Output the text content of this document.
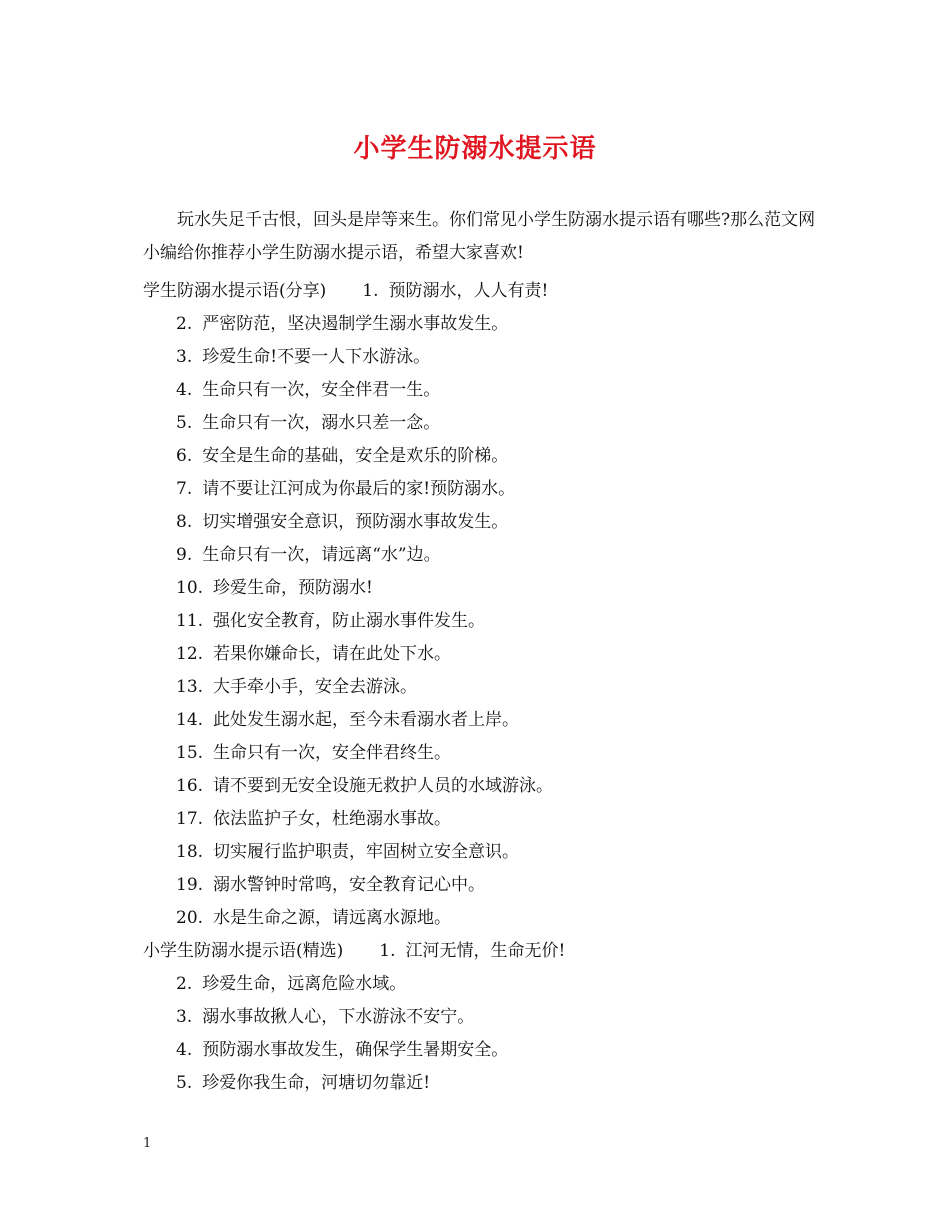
小学生防溺水提示语

玩水失足千古恨，回头是岸等来生。你们常见小学生防溺水提示语有哪些?那么范文网小编给你推荐小学生防溺水提示语，希望大家喜欢!

学生防溺水提示语(分享) 1. 预防溺水，人人有责!
2. 严密防范，坚决遏制学生溺水事故发生。
3. 珍爱生命!不要一人下水游泳。
4. 生命只有一次，安全伴君一生。
5. 生命只有一次，溺水只差一念。
6. 安全是生命的基础，安全是欢乐的阶梯。
7. 请不要让江河成为你最后的家!预防溺水。
8. 切实增强安全意识，预防溺水事故发生。
9. 生命只有一次，请远离“水”边。
10. 珍爱生命，预防溺水!
11. 强化安全教育，防止溺水事件发生。
12. 若果你嫌命长，请在此处下水。
13. 大手牵小手，安全去游泳。
14. 此处发生溺水起，至今未看溺水者上岸。
15. 生命只有一次，安全伴君终生。
16. 请不要到无安全设施无救护人员的水域游泳。
17. 依法监护子女，杜绝溺水事故。
18. 切实履行监护职责，牢固树立安全意识。
19. 溺水警钟时常鸣，安全教育记心中。
20. 水是生命之源，请远离水源地。
小学生防溺水提示语(精选) 1. 江河无情，生命无价!
2. 珍爱生命，远离危险水域。
3. 溺水事故揪人心，下水游泳不安宁。
4. 预防溺水事故发生，确保学生暑期安全。
5. 珍爱你我生命，河塘切勿靠近!
1
